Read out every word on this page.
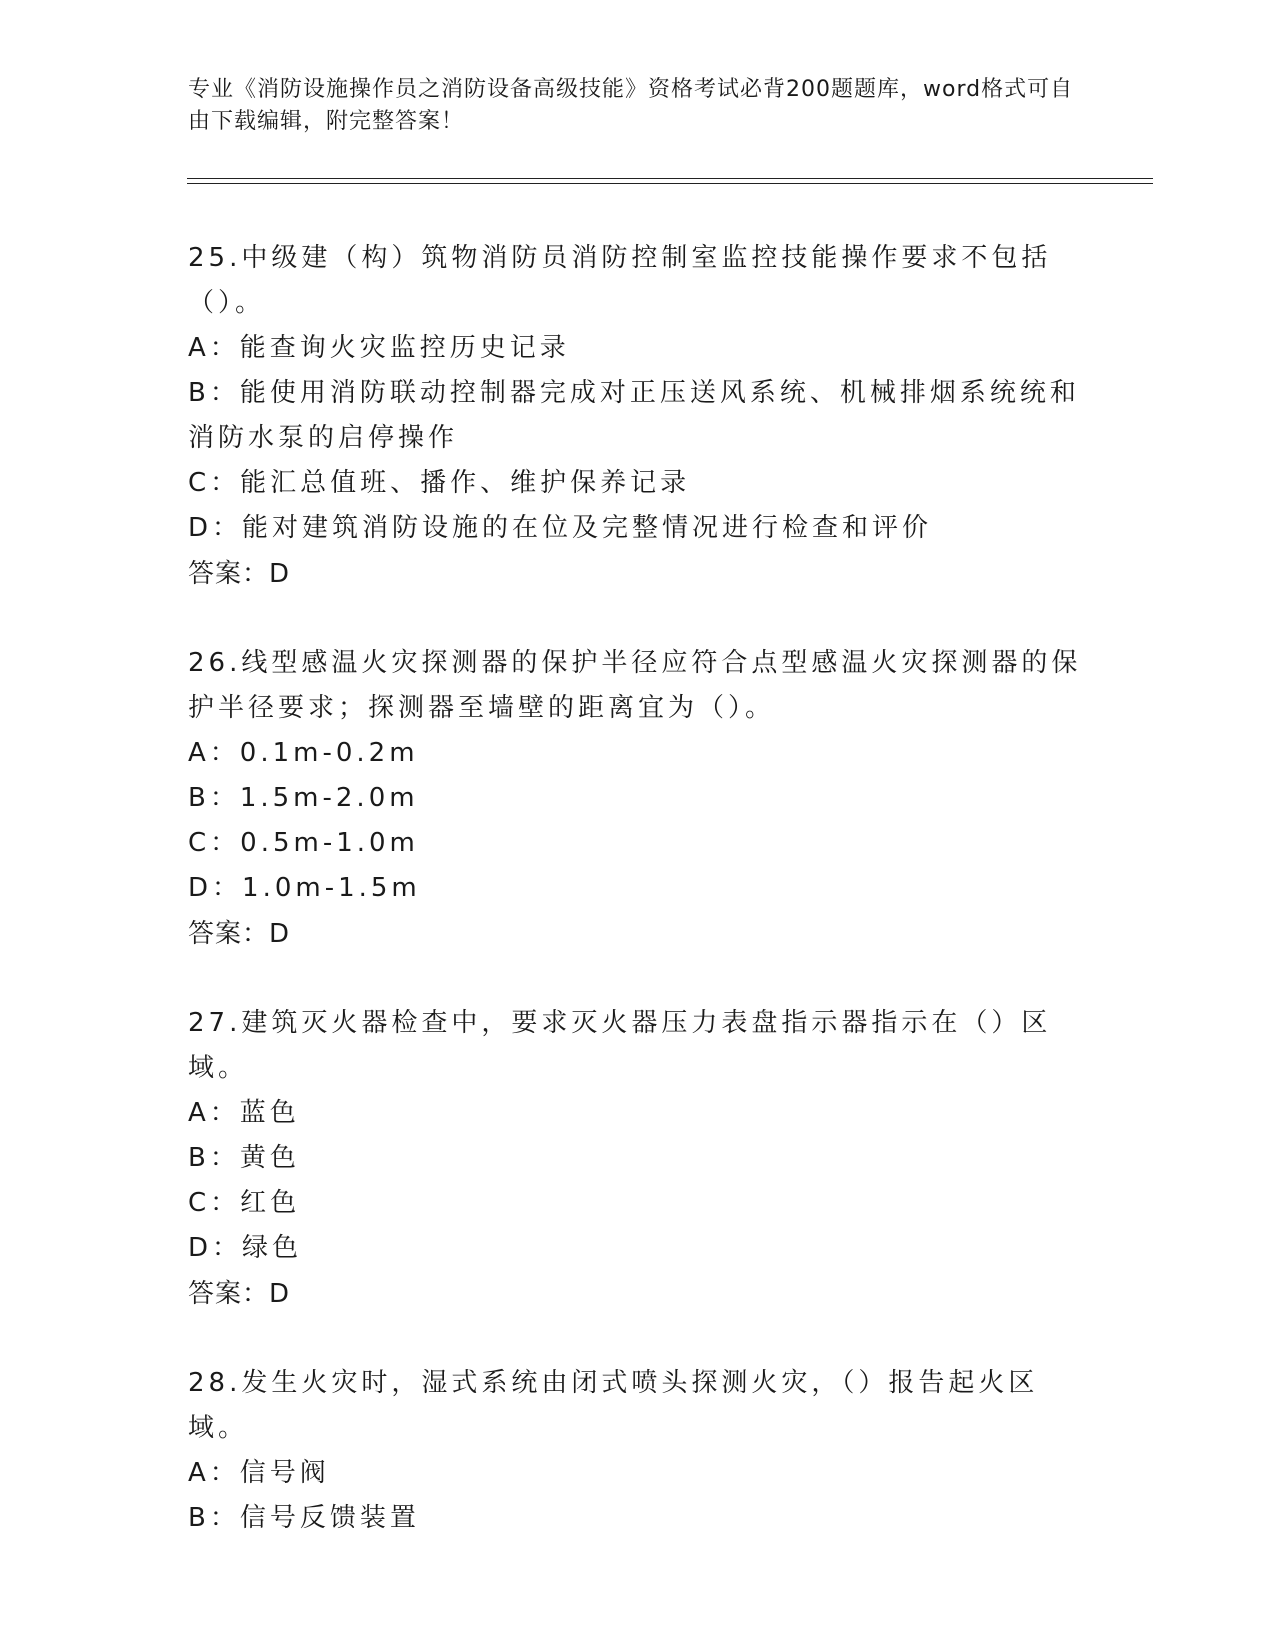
专业《消防设施操作员之消防设备高级技能》资格考试必背200题题库，word格式可自由下载编辑，附完整答案！
25.中级建（构）筑物消防员消防控制室监控技能操作要求不包括（）。
A：能查询火灾监控历史记录
B：能使用消防联动控制器完成对正压送风系统、机械排烟系统统和消防水泵的启停操作
C：能汇总值班、播作、维护保养记录
D：能对建筑消防设施的在位及完整情况进行检查和评价
答案：D
26.线型感温火灾探测器的保护半径应符合点型感温火灾探测器的保护半径要求；探测器至墙壁的距离宜为（）。
A：0.1m-0.2m
B：1.5m-2.0m
C：0.5m-1.0m
D：1.0m-1.5m
答案：D
27.建筑灭火器检查中，要求灭火器压力表盘指示器指示在（）区域。
A：蓝色
B：黄色
C：红色
D：绿色
答案：D
28.发生火灾时，湿式系统由闭式喷头探测火灾，（）报告起火区域。
A：信号阀
B：信号反馈装置
